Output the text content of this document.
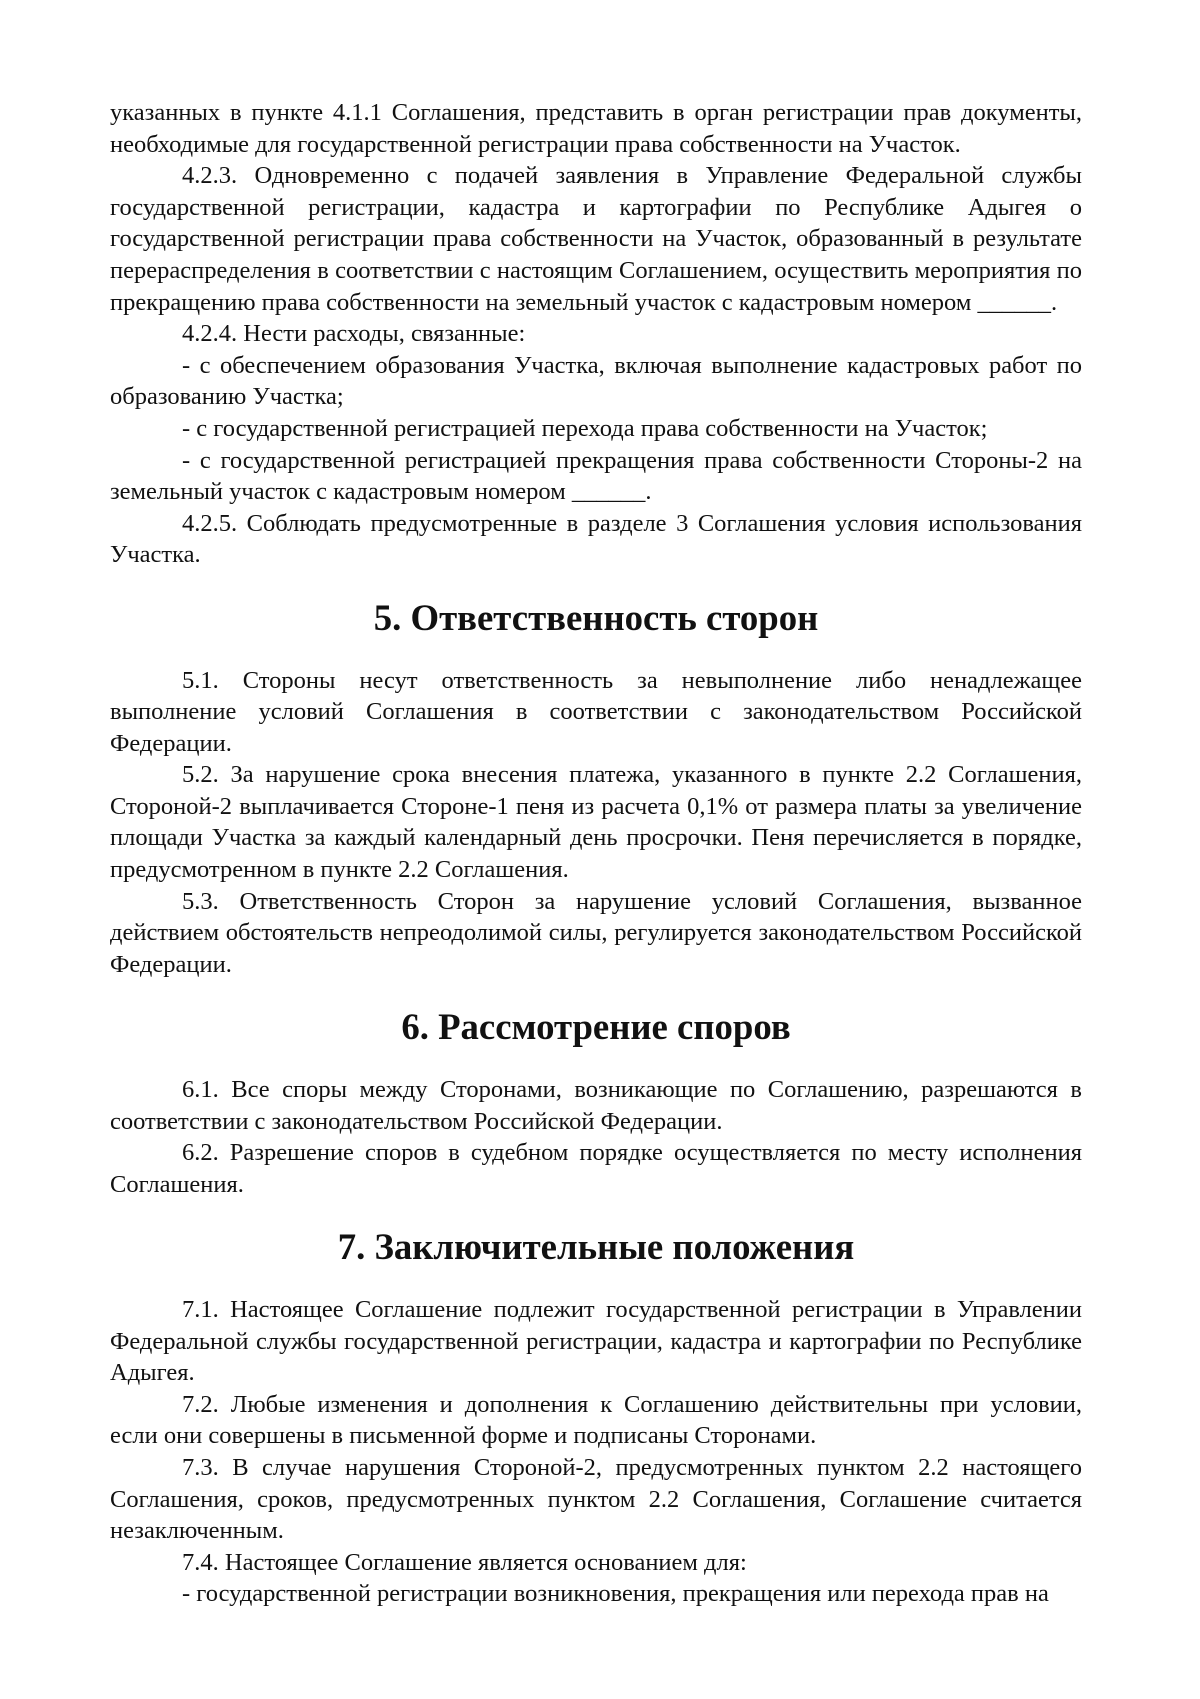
указанных в пункте 4.1.1 Соглашения, представить в орган регистрации прав документы, необходимые для государственной регистрации права собственности на Участок.

4.2.3. Одновременно с подачей заявления в Управление Федеральной службы государственной регистрации, кадастра и картографии по Республике Адыгея о государственной регистрации права собственности на Участок, образованный в результате перераспределения в соответствии с настоящим Соглашением, осуществить мероприятия по прекращению права собственности на земельный участок с кадастровым номером ______.

4.2.4. Нести расходы, связанные:

- с обеспечением образования Участка, включая выполнение кадастровых работ по образованию Участка;

- с государственной регистрацией перехода права собственности на Участок;

- с государственной регистрацией прекращения права собственности Стороны-2 на земельный участок с кадастровым номером ______.

4.2.5. Соблюдать предусмотренные в разделе 3 Соглашения условия использования Участка.

5. Ответственность сторон

5.1. Стороны несут ответственность за невыполнение либо ненадлежащее выполнение условий Соглашения в соответствии с законодательством Российской Федерации.

5.2. За нарушение срока внесения платежа, указанного в пункте 2.2 Соглашения, Стороной-2 выплачивается Стороне-1 пеня из расчета 0,1% от размера платы за увеличение площади Участка за каждый календарный день просрочки. Пеня перечисляется в порядке, предусмотренном в пункте 2.2 Соглашения.

5.3. Ответственность Сторон за нарушение условий Соглашения, вызванное действием обстоятельств непреодолимой силы, регулируется законодательством Российской Федерации.

6. Рассмотрение споров

6.1. Все споры между Сторонами, возникающие по Соглашению, разрешаются в соответствии с законодательством Российской Федерации.

6.2. Разрешение споров в судебном порядке осуществляется по месту исполнения Соглашения.

7. Заключительные положения

7.1. Настоящее Соглашение подлежит государственной регистрации в Управлении Федеральной службы государственной регистрации, кадастра и картографии по Республике Адыгея.

7.2. Любые изменения и дополнения к Соглашению действительны при условии, если они совершены в письменной форме и подписаны Сторонами.

7.3. В случае нарушения Стороной-2, предусмотренных пунктом 2.2 настоящего Соглашения, сроков, предусмотренных пунктом 2.2 Соглашения, Соглашение считается незаключенным.

7.4. Настоящее Соглашение является основанием для:

- государственной регистрации возникновения, прекращения или перехода прав на
